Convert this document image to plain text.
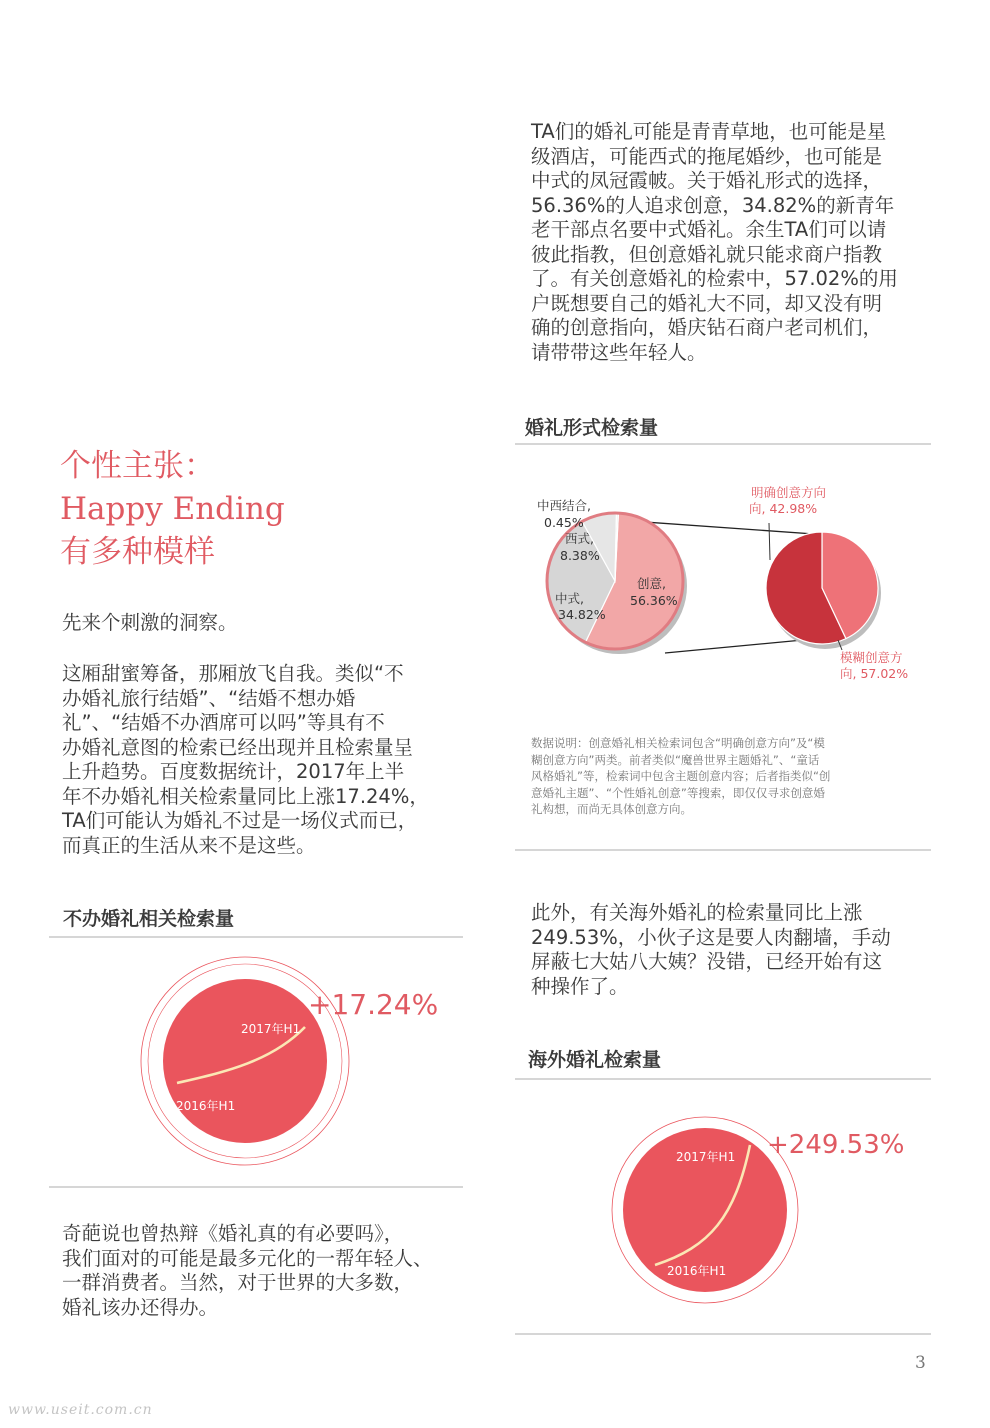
TA们的婚礼可能是青青草地，也可能是星

级酒店，可能西式的拖尾婚纱，也可能是

中式的凤冠霞帔。关于婚礼形式的选择，

56.36%的人追求创意，34.82%的新青年

老干部点名要中式婚礼。余生TA们可以请

彼此指教，但创意婚礼就只能求商户指教

了。有关创意婚礼的检索中，57.02%的用

户既想要自己的婚礼大不同，却又没有明

确的创意指向，婚庆钻石商户老司机们，

请带带这些年轻人。

婚礼形式检索量
个性主张：
Happy Ending
有多种模样
中西结合,
0.45%
西式,
8.38%
中式,
34.82%
创意,
56.36%
明确创意方向
向, 42.98%
模糊创意方
向, 57.02%

先来个刺激的洞察。

这厢甜蜜筹备，那厢放飞自我。类似“不

办婚礼旅行结婚”、“结婚不想办婚

礼”、“结婚不办酒席可以吗”等具有不

办婚礼意图的检索已经出现并且检索量呈

上升趋势。百度数据统计，2017年上半

年不办婚礼相关检索量同比上涨17.24%，

TA们可能认为婚礼不过是一场仪式而已，

而真正的生活从来不是这些。

数据说明：创意婚礼相关检索词包含“明确创意方向”及“模
糊创意方向”两类。前者类似“魔兽世界主题婚礼”、“童话
风格婚礼”等，检索词中包含主题创意内容；后者指类似“创
意婚礼主题”、“个性婚礼创意”等搜索，即仅仅寻求创意婚
礼构想，而尚无具体创意方向。

此外，有关海外婚礼的检索量同比上涨

249.53%，小伙子这是要人肉翻墙，手动

屏蔽七大姑八大姨？没错，已经开始有这

种操作了。

不办婚礼相关检索量
2017年H1
2016年H1
+17.24%
海外婚礼检索量
2017年H1
2016年H1
+249.53%

奇葩说也曾热辩《婚礼真的有必要吗》，

我们面对的可能是最多元化的一帮年轻人、

一群消费者。当然，对于世界的大多数，

婚礼该办还得办。

3
www.useit.com.cn
